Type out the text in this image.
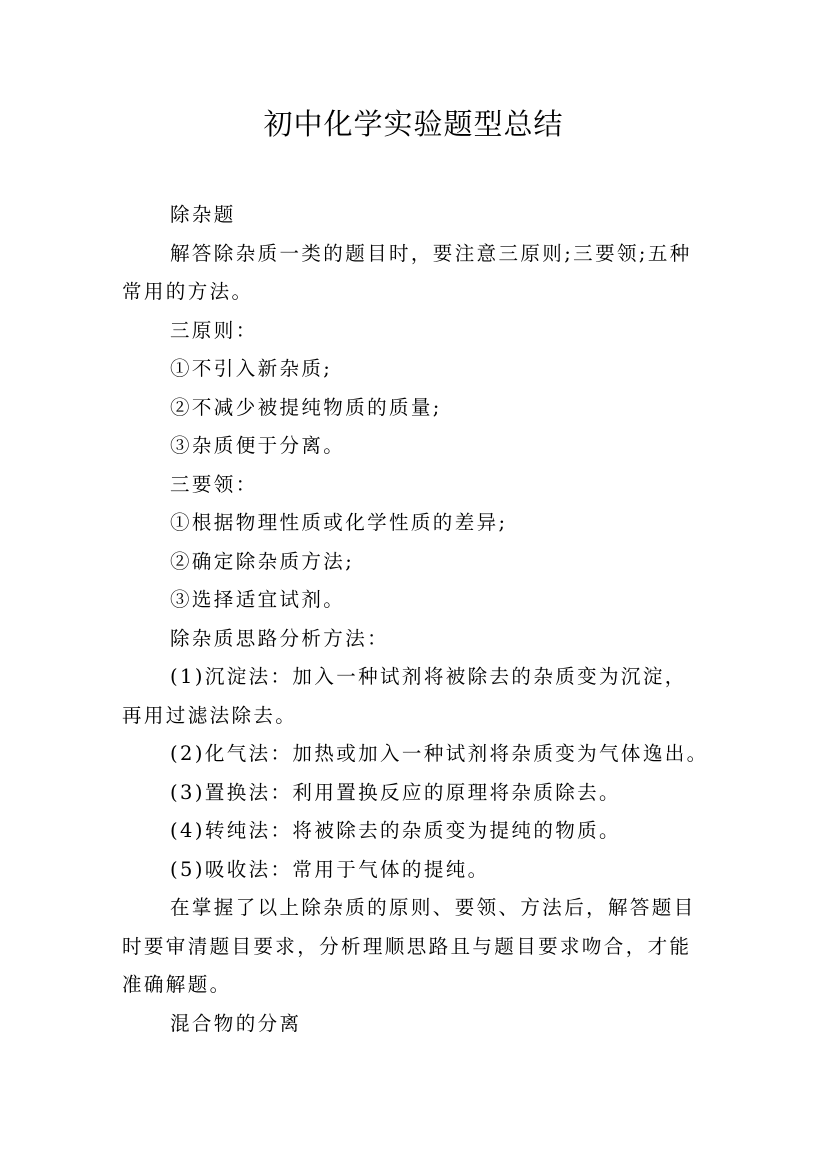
初中化学实验题型总结

除杂题

解答除杂质一类的题目时，要注意三原则;三要领;五种

常用的方法。

三原则：

①不引入新杂质;

②不减少被提纯物质的质量;

③杂质便于分离。

三要领：

①根据物理性质或化学性质的差异;

②确定除杂质方法;

③选择适宜试剂。

除杂质思路分析方法：

(1)沉淀法：加入一种试剂将被除去的杂质变为沉淀，

再用过滤法除去。

(2)化气法：加热或加入一种试剂将杂质变为气体逸出。

(3)置换法：利用置换反应的原理将杂质除去。

(4)转纯法：将被除去的杂质变为提纯的物质。

(5)吸收法：常用于气体的提纯。

在掌握了以上除杂质的原则、要领、方法后，解答题目

时要审清题目要求，分析理顺思路且与题目要求吻合，才能

准确解题。

混合物的分离
